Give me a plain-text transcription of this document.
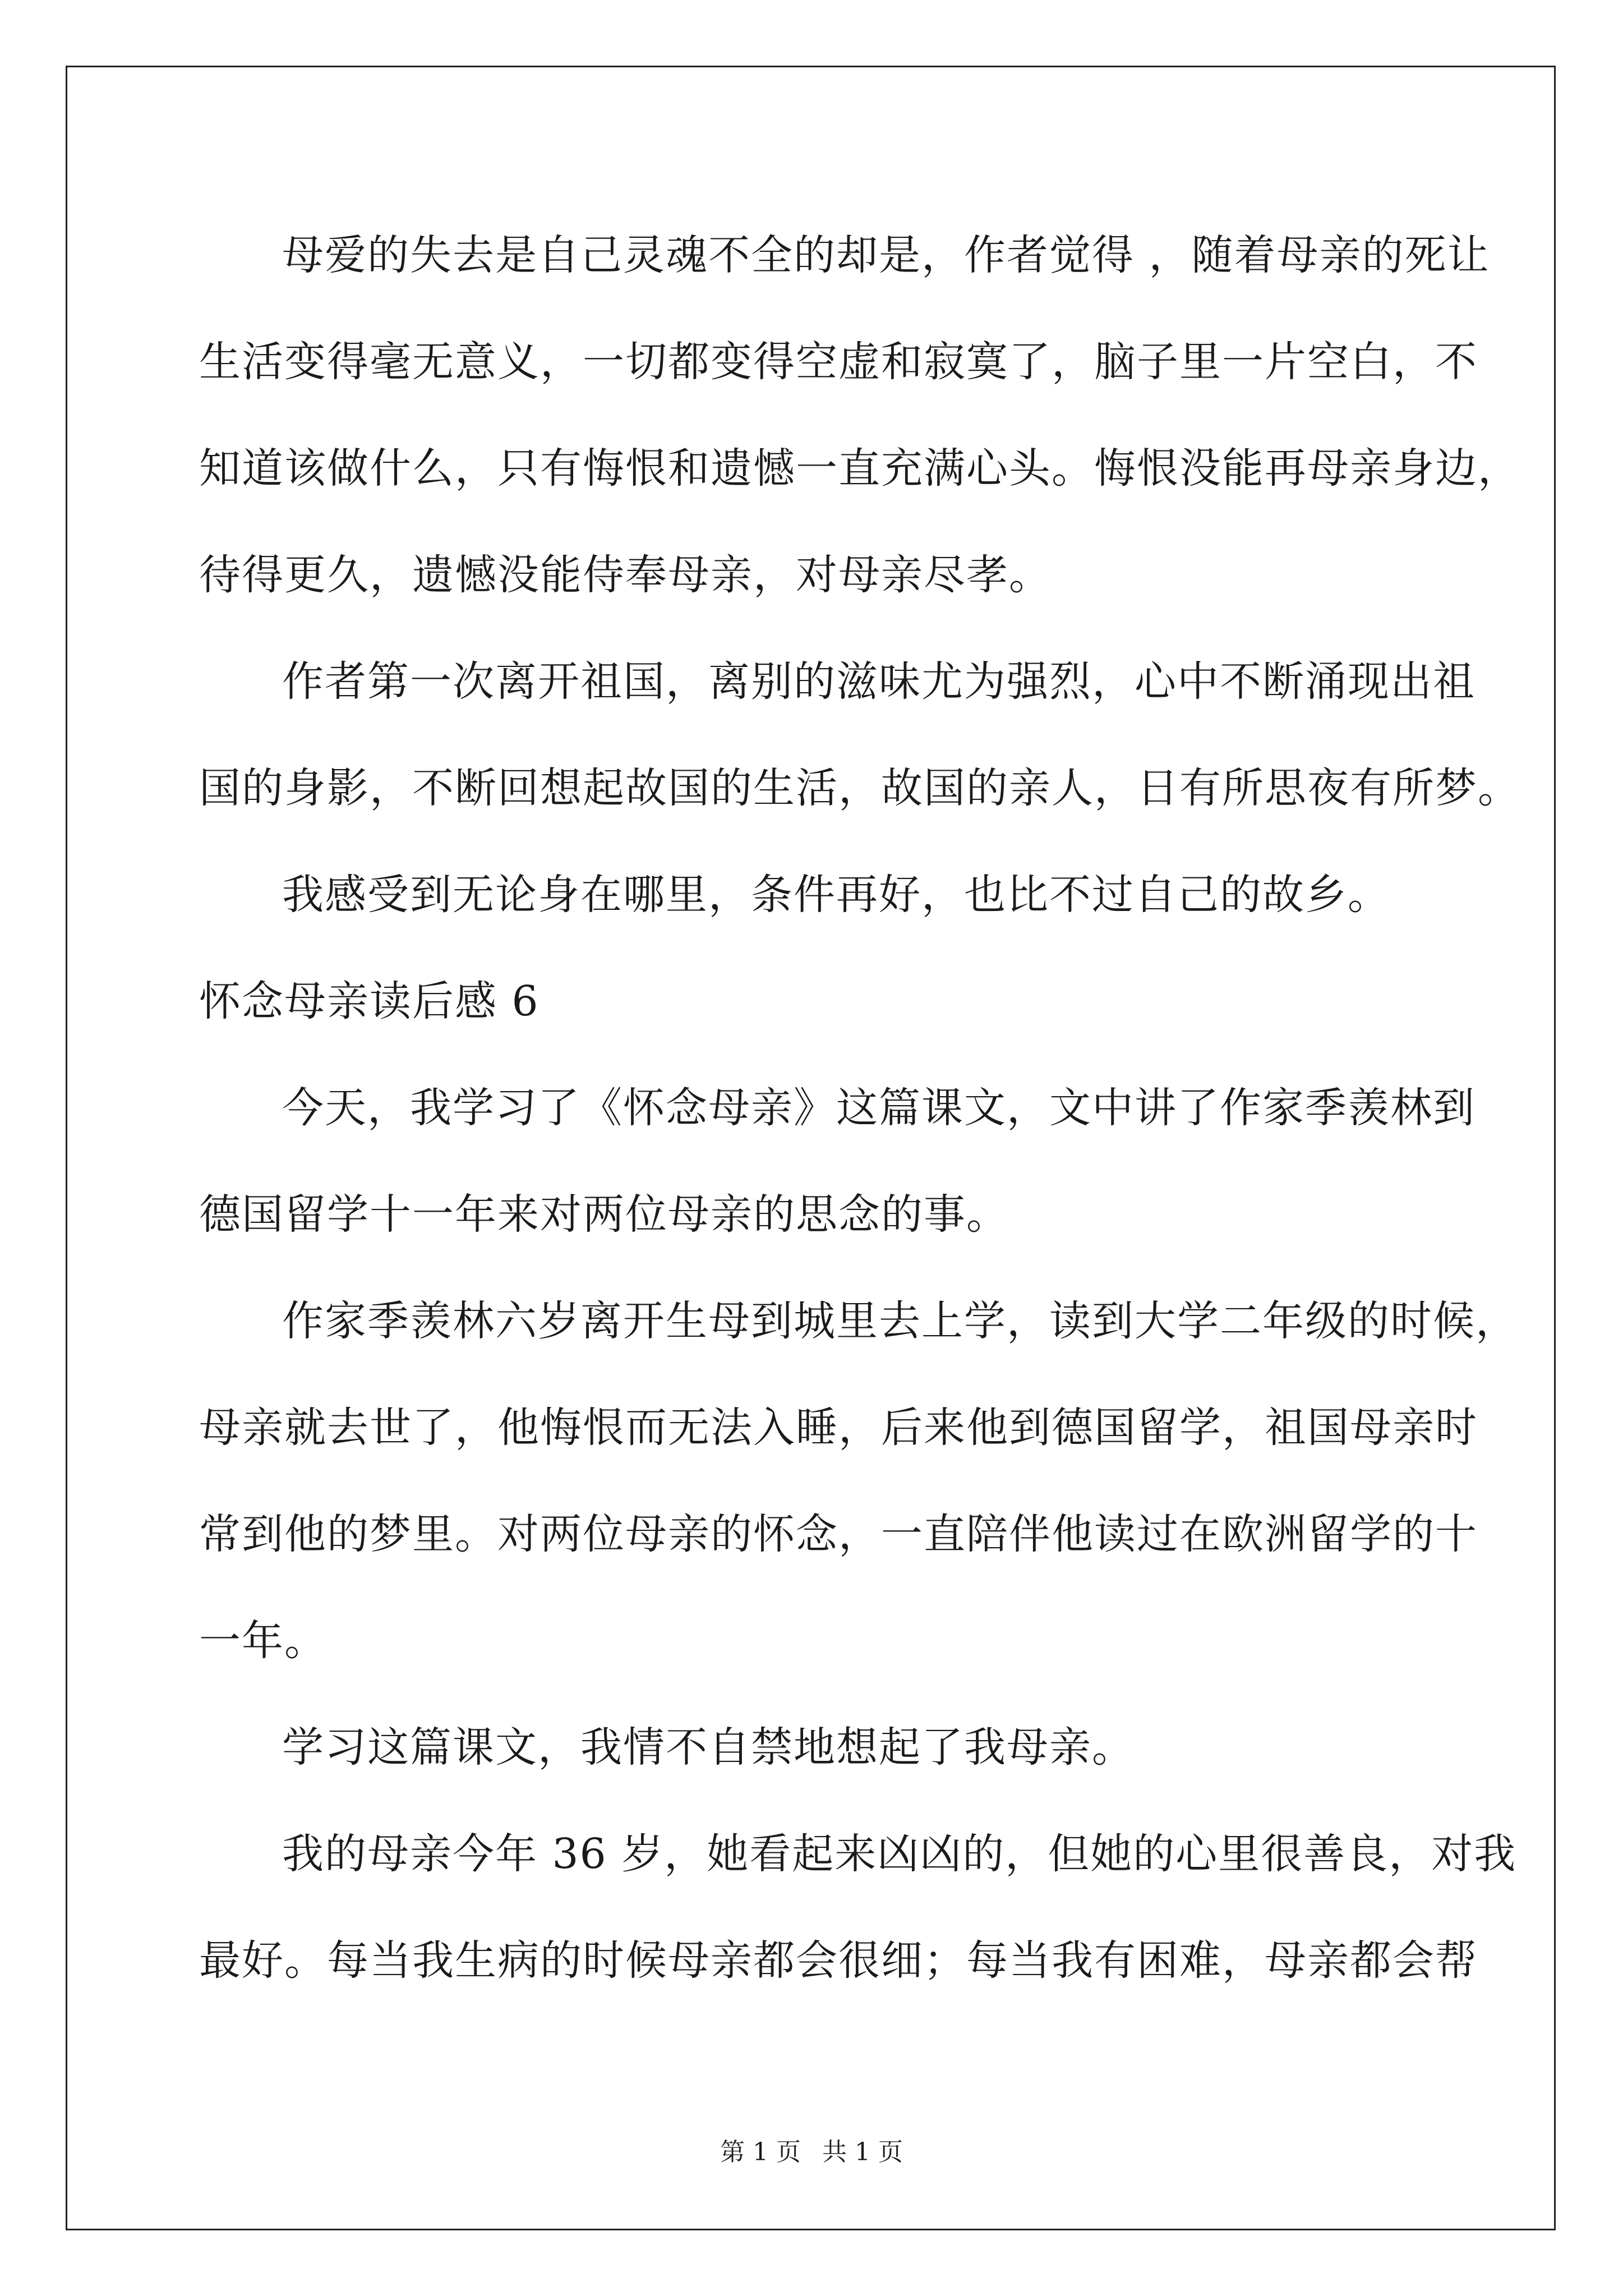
母爱的失去是自己灵魂不全的却是，作者觉得 ，随着母亲的死让
生活变得毫无意义，一切都变得空虚和寂寞了，脑子里一片空白，不
知道该做什么，只有悔恨和遗憾一直充满心头。悔恨没能再母亲身边，
待得更久，遗憾没能侍奉母亲，对母亲尽孝。
作者第一次离开祖国，离别的滋味尤为强烈，心中不断涌现出祖
国的身影，不断回想起故国的生活，故国的亲人，日有所思夜有所梦。
我感受到无论身在哪里，条件再好，也比不过自己的故乡。
怀念母亲读后感 6
今天，我学习了《怀念母亲》这篇课文，文中讲了作家季羡林到
德国留学十一年来对两位母亲的思念的事。
作家季羡林六岁离开生母到城里去上学，读到大学二年级的时候，
母亲就去世了，他悔恨而无法入睡，后来他到德国留学，祖国母亲时
常到他的梦里。对两位母亲的怀念，一直陪伴他读过在欧洲留学的十
一年。
学习这篇课文，我情不自禁地想起了我母亲。
我的母亲今年 36 岁，她看起来凶凶的，但她的心里很善良，对我
最好。每当我生病的时候母亲都会很细；每当我有困难，母亲都会帮
第 1 页 共 1 页
